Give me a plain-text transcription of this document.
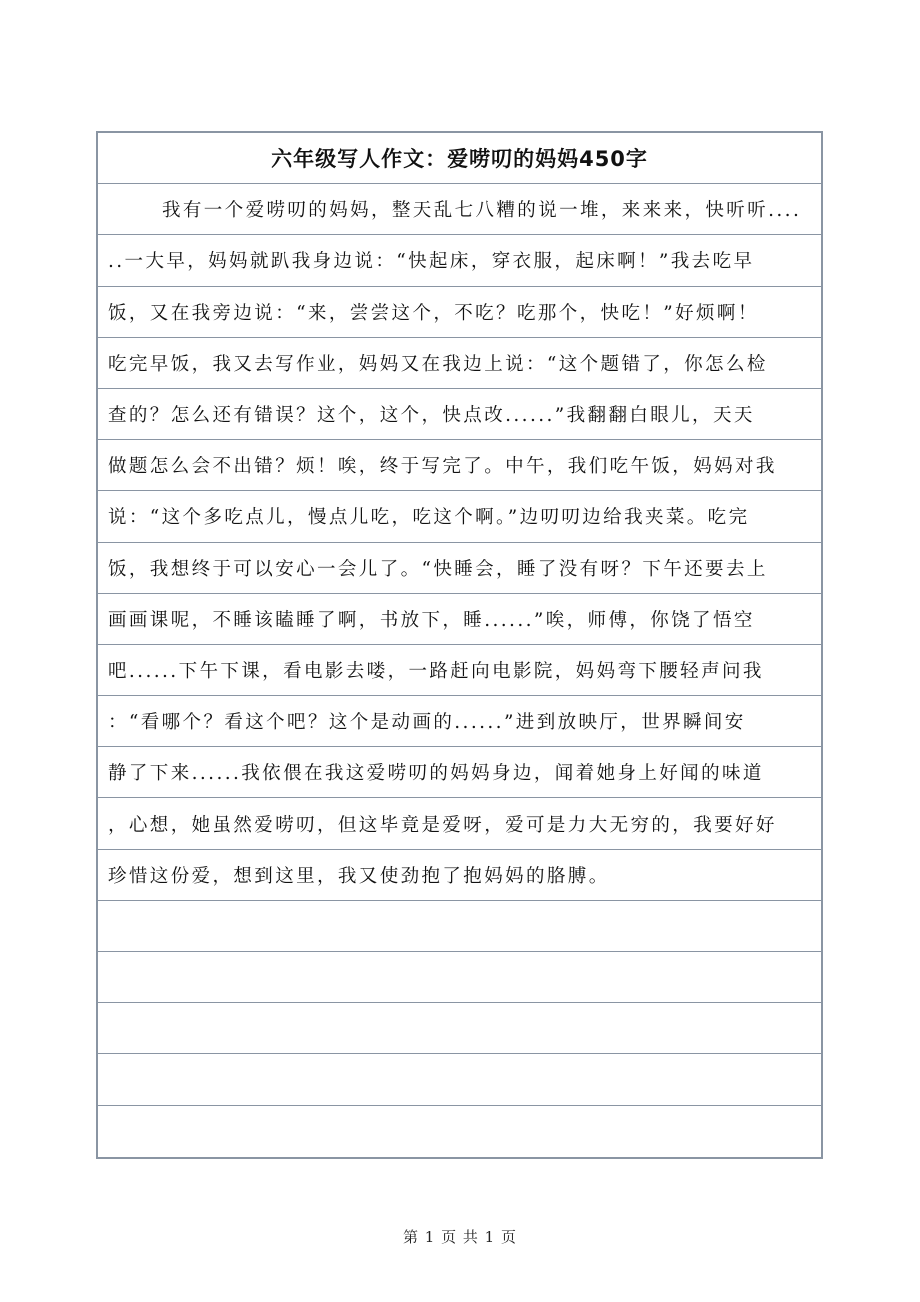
六年级写人作文：爱唠叨的妈妈450字
我有一个爱唠叨的妈妈，整天乱七八糟的说一堆，来来来，快听听....
..一大早，妈妈就趴我身边说：“快起床，穿衣服，起床啊！”我去吃早
饭，又在我旁边说：“来，尝尝这个，不吃？吃那个，快吃！”好烦啊！
吃完早饭，我又去写作业，妈妈又在我边上说：“这个题错了，你怎么检
查的？怎么还有错误？这个，这个，快点改......”我翻翻白眼儿，天天
做题怎么会不出错？烦！唉，终于写完了。中午，我们吃午饭，妈妈对我
说：“这个多吃点儿，慢点儿吃，吃这个啊。”边叨叨边给我夹菜。吃完
饭，我想终于可以安心一会儿了。“快睡会，睡了没有呀？下午还要去上
画画课呢，不睡该瞌睡了啊，书放下，睡......”唉，师傅，你饶了悟空
吧......下午下课，看电影去喽，一路赶向电影院，妈妈弯下腰轻声问我
：“看哪个？看这个吧？这个是动画的......”进到放映厅，世界瞬间安
静了下来......我依偎在我这爱唠叨的妈妈身边，闻着她身上好闻的味道
，心想，她虽然爱唠叨，但这毕竟是爱呀，爱可是力大无穷的，我要好好
珍惜这份爱，想到这里，我又使劲抱了抱妈妈的胳膊。
第 1 页 共 1 页
